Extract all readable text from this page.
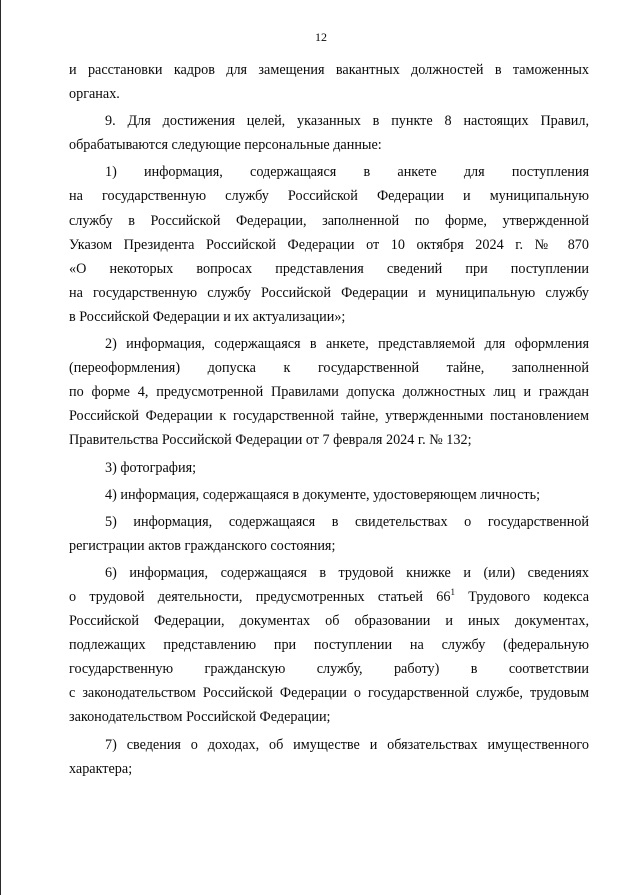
12
и расстановки кадров для замещения вакантных должностей в таможенных
органах.
9. Для достижения целей, указанных в пункте 8 настоящих Правил,
обрабатываются следующие персональные данные:
1) информация, содержащаяся в анкете для поступления
на государственную службу Российской Федерации и муниципальную
службу в Российской Федерации, заполненной по форме, утвержденной
Указом Президента Российской Федерации от 10 октября 2024 г. № 870
«О некоторых вопросах представления сведений при поступлении
на государственную службу Российской Федерации и муниципальную службу
в Российской Федерации и их актуализации»;
2) информация, содержащаяся в анкете, представляемой для оформления
(переоформления) допуска к государственной тайне, заполненной
по форме 4, предусмотренной Правилами допуска должностных лиц и граждан
Российской Федерации к государственной тайне, утвержденными постановлением
Правительства Российской Федерации от 7 февраля 2024 г. № 132;
3) фотография;
4) информация, содержащаяся в документе, удостоверяющем личность;
5) информация, содержащаяся в свидетельствах о государственной
регистрации актов гражданского состояния;
6) информация, содержащаяся в трудовой книжке и (или) сведениях
о трудовой деятельности, предусмотренных статьей $66^1$ Трудового кодекса
Российской Федерации, документах об образовании и иных документах,
подлежащих представлению при поступлении на службу (федеральную
государственную гражданскую службу, работу) в соответствии
с законодательством Российской Федерации о государственной службе, трудовым
законодательством Российской Федерации;
7) сведения о доходах, об имуществе и обязательствах имущественного
характера;
